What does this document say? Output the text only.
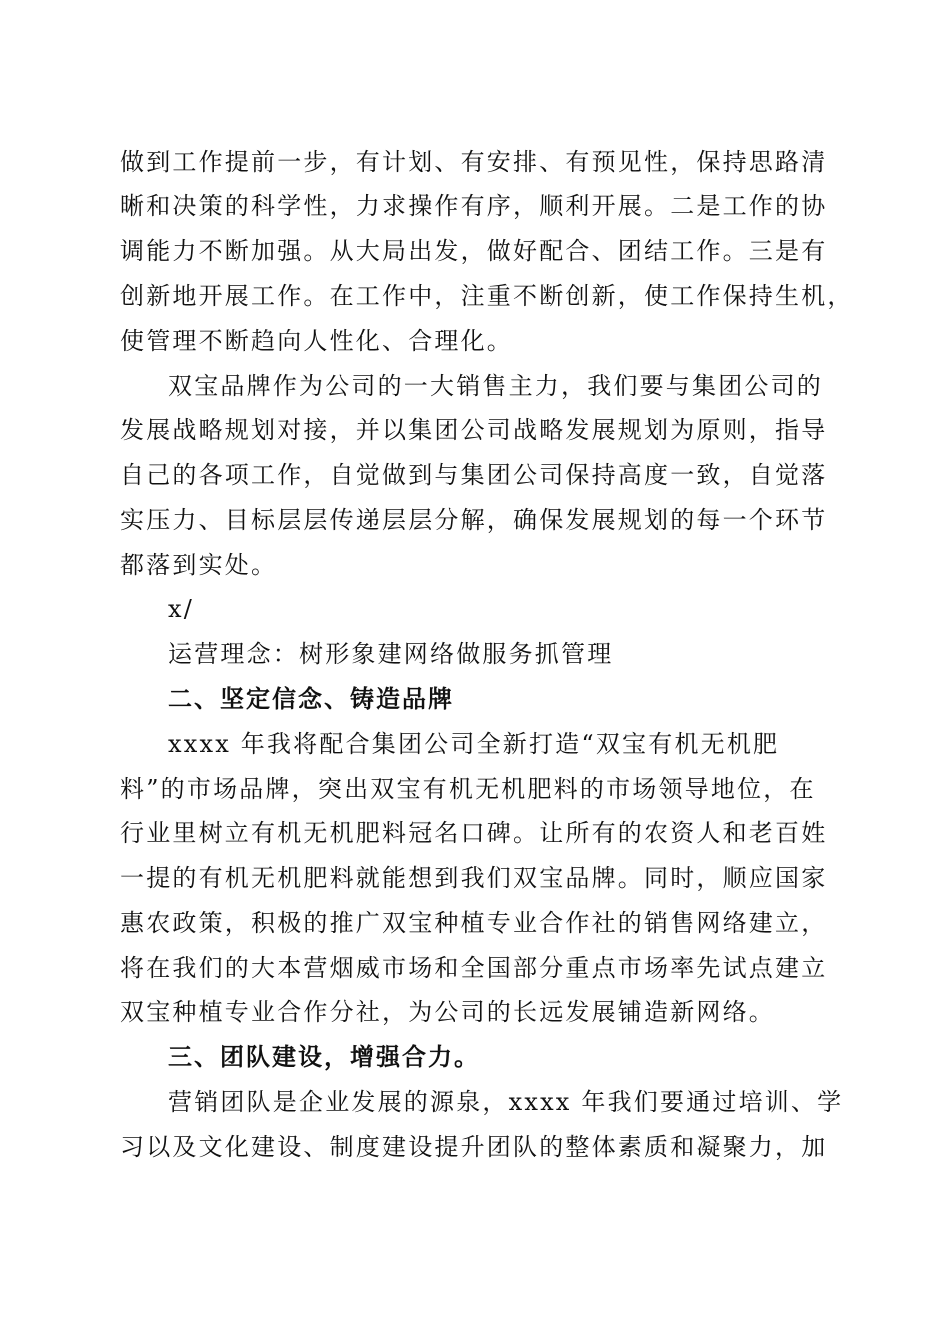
做到工作提前一步，有计划、有安排、有预见性，保持思路清
晰和决策的科学性，力求操作有序，顺利开展。二是工作的协
调能力不断加强。从大局出发，做好配合、团结工作。三是有
创新地开展工作。在工作中，注重不断创新，使工作保持生机，
使管理不断趋向人性化、合理化。
双宝品牌作为公司的一大销售主力，我们要与集团公司的
发展战略规划对接，并以集团公司战略发展规划为原则，指导
自己的各项工作，自觉做到与集团公司保持高度一致，自觉落
实压力、目标层层传递层层分解，确保发展规划的每一个环节
都落到实处。
x/
运营理念：树形象建网络做服务抓管理
二、坚定信念、铸造品牌
xxxx 年我将配合集团公司全新打造“双宝有机无机肥
料”的市场品牌，突出双宝有机无机肥料的市场领导地位，在
行业里树立有机无机肥料冠名口碑。让所有的农资人和老百姓
一提的有机无机肥料就能想到我们双宝品牌。同时，顺应国家
惠农政策，积极的推广双宝种植专业合作社的销售网络建立，
将在我们的大本营烟威市场和全国部分重点市场率先试点建立
双宝种植专业合作分社，为公司的长远发展铺造新网络。
三、团队建设，增强合力。
营销团队是企业发展的源泉，xxxx 年我们要通过培训、学
习以及文化建设、制度建设提升团队的整体素质和凝聚力，加
